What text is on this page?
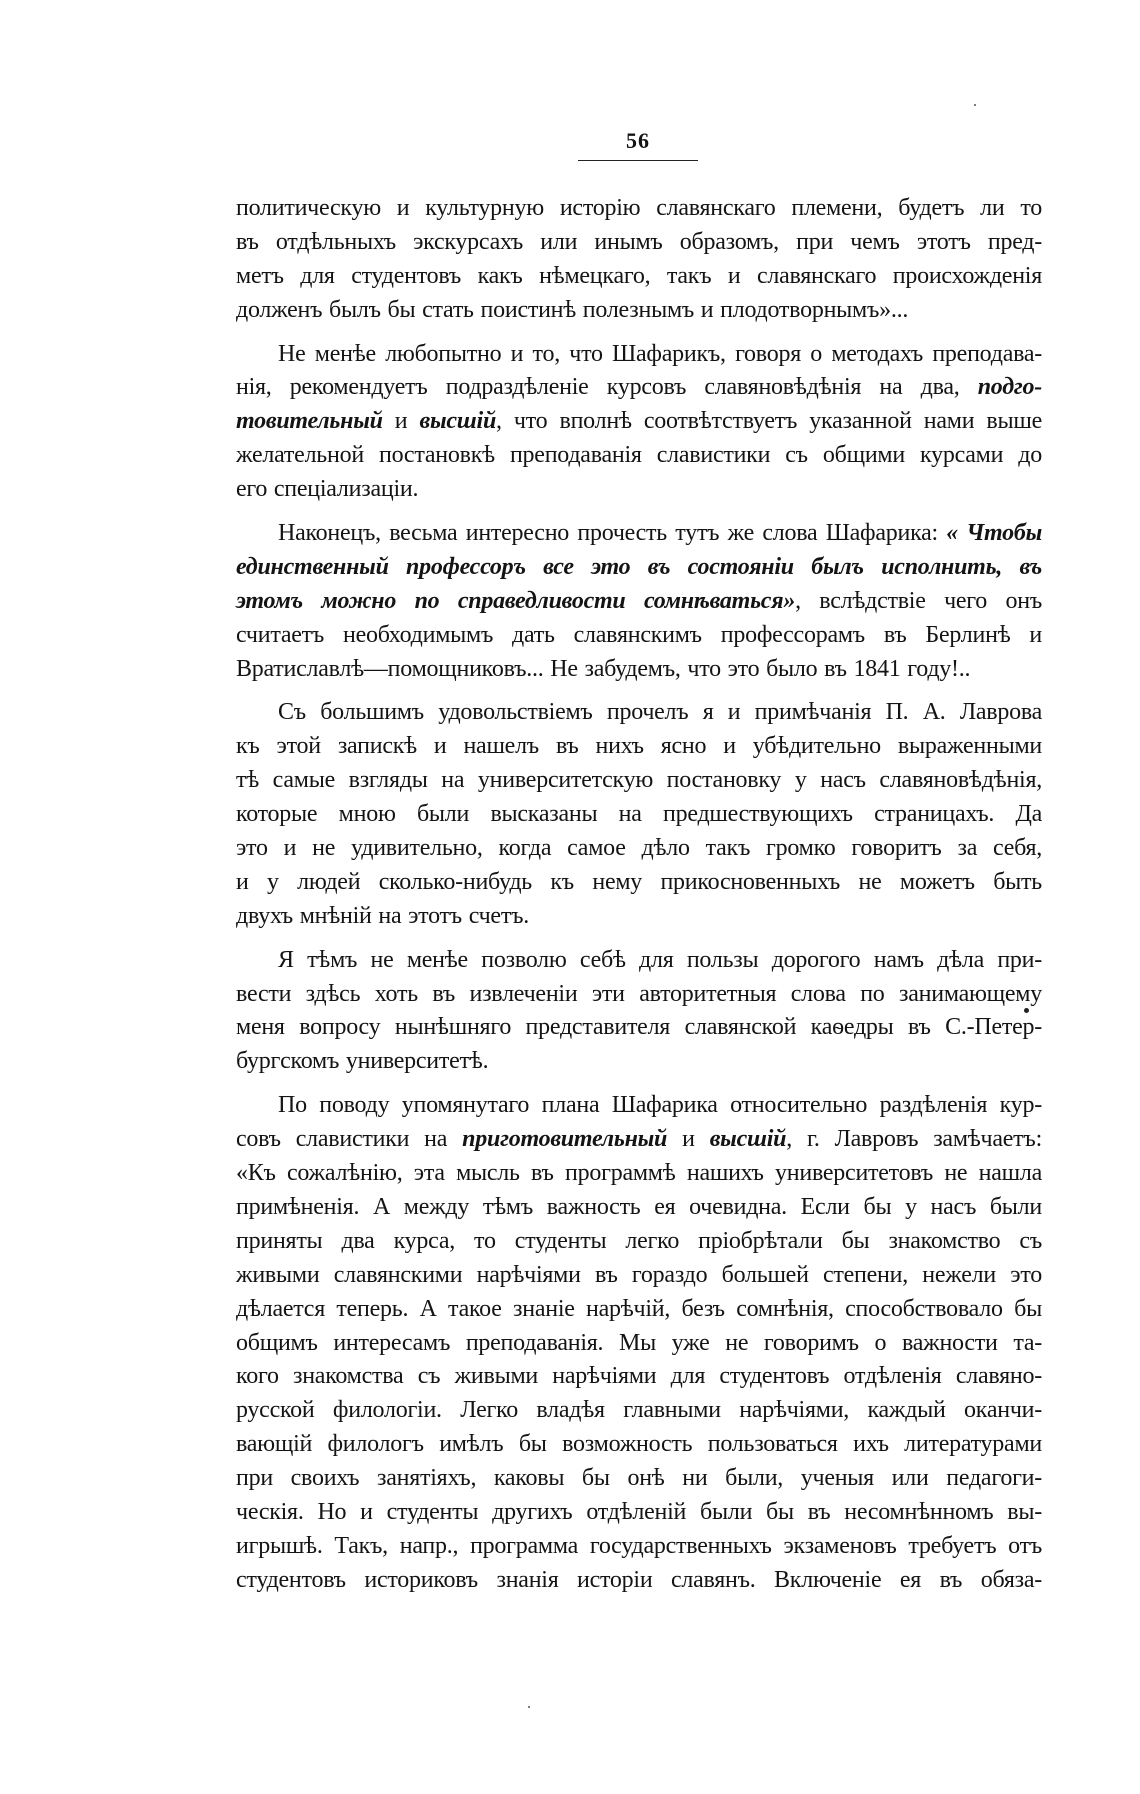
56
политическую и культурную исторію славянскаго племени, будетъ ли то
въ отдѣльныхъ экскурсахъ или инымъ образомъ, при чемъ этотъ пред-
метъ для студентовъ какъ нѣмецкаго, такъ и славянскаго происхожденія
долженъ былъ бы стать поистинѣ полезнымъ и плодотворнымъ»...
Не менѣе любопытно и то, что Шафарикъ, говоря о методахъ преподава-
нія, рекомендуетъ подраздѣленіе курсовъ славяновѣдѣнія на два, подго-
товительный и высшій, что вполнѣ соотвѣтствуетъ указанной нами выше
желательной постановкѣ преподаванія славистики съ общими курсами до
его спеціализаціи.
Наконецъ, весьма интересно прочесть тутъ же слова Шафарика: « Чтобы
единственный профессоръ все это въ состояніи былъ исполнить, въ
этомъ можно по справедливости сомнѣваться», вслѣдствіе чего онъ
считаетъ необходимымъ дать славянскимъ профессорамъ въ Берлинѣ и
Вратиславлѣ—помощниковъ... Не забудемъ, что это было въ 1841 году!..
Съ большимъ удовольствіемъ прочелъ я и примѣчанія П. А. Лаврова
къ этой запискѣ и нашелъ въ нихъ ясно и убѣдительно выраженными
тѣ самые взгляды на университетскую постановку у насъ славяновѣдѣнія,
которые мною были высказаны на предшествующихъ страницахъ. Да
это и не удивительно, когда самое дѣло такъ громко говоритъ за себя,
и у людей сколько-нибудь къ нему прикосновенныхъ не можетъ быть
двухъ мнѣній на этотъ счетъ.
Я тѣмъ не менѣе позволю себѣ для пользы дорогого намъ дѣла при-
вести здѣсь хоть въ извлеченіи эти авторитетныя слова по занимающему
меня вопросу нынѣшняго представителя славянской каѳедры въ С.-Петер-
бургскомъ университетѣ.
По поводу упомянутаго плана Шафарика относительно раздѣленія кур-
совъ славистики на приготовительный и высшій, г. Лавровъ замѣчаетъ:
«Къ сожалѣнію, эта мысль въ программѣ нашихъ университетовъ не нашла
примѣненія. А между тѣмъ важность ея очевидна. Если бы у насъ были
приняты два курса, то студенты легко пріобрѣтали бы знакомство съ
живыми славянскими нарѣчіями въ гораздо большей степени, нежели это
дѣлается теперь. А такое знаніе нарѣчій, безъ сомнѣнія, способствовало бы
общимъ интересамъ преподаванія. Мы уже не говоримъ о важности та-
кого знакомства съ живыми нарѣчіями для студентовъ отдѣленія славяно-
русской филологіи. Легко владѣя главными нарѣчіями, каждый оканчи-
вающій филологъ имѣлъ бы возможность пользоваться ихъ литературами
при своихъ занятіяхъ, каковы бы онѣ ни были, ученыя или педагоги-
ческія. Но и студенты другихъ отдѣленій были бы въ несомнѣнномъ вы-
игрышѣ. Такъ, напр., программа государственныхъ экзаменовъ требуетъ отъ
студентовъ историковъ знанія исторіи славянъ. Включеніе ея въ обяза-
